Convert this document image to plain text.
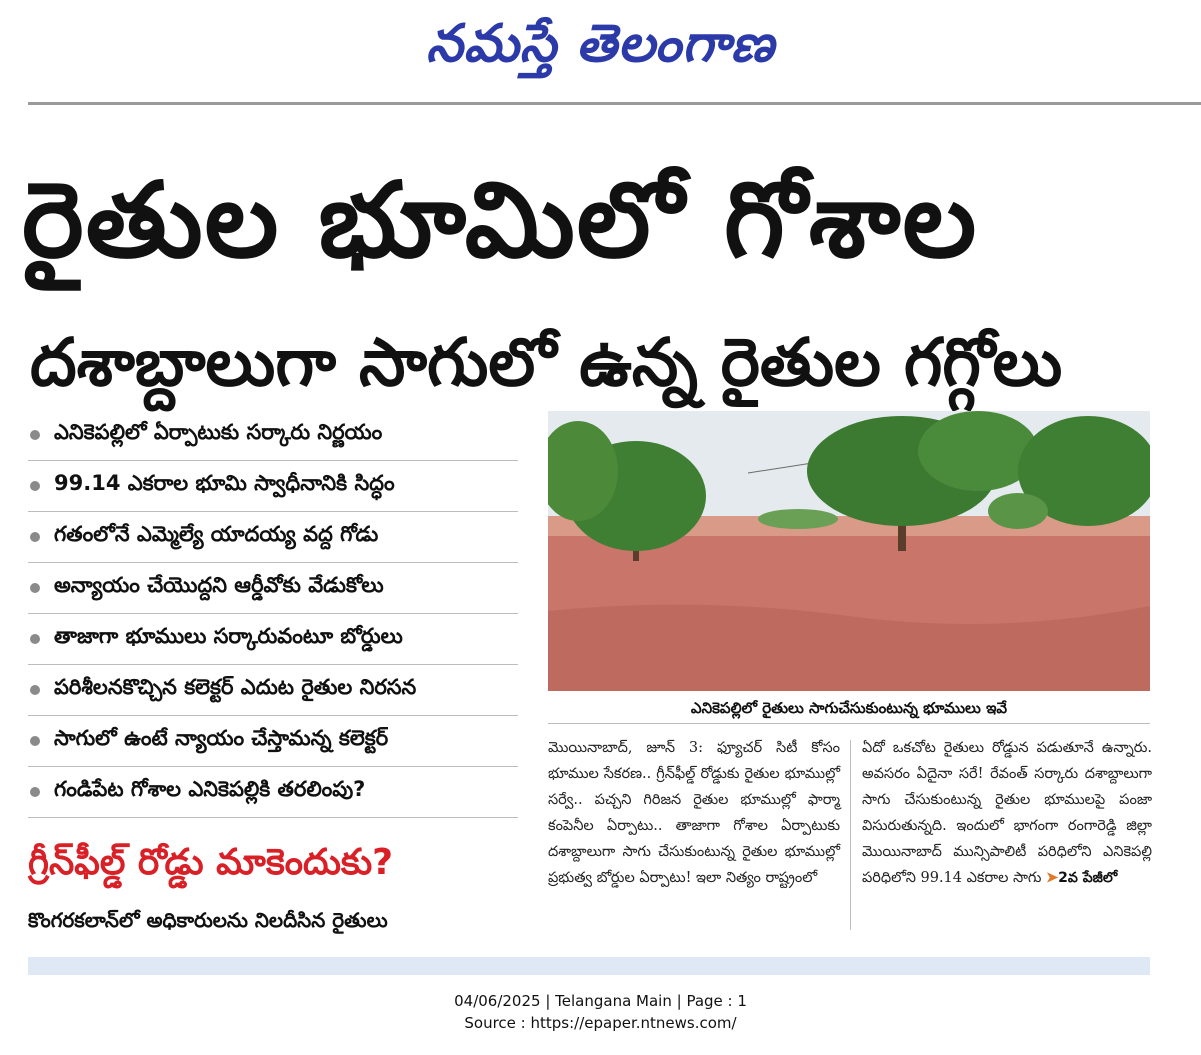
నమస్తే తెలంగాణ
రైతుల భూమిలో గోశాల
దశాబ్దాలుగా సాగులో ఉన్న రైతుల గగ్గోలు
ఎనికెపల్లిలో ఏర్పాటుకు సర్కారు నిర్ణయం
99.14 ఎకరాల భూమి స్వాధీనానికి సిద్ధం
గతంలోనే ఎమ్మెల్యే యాదయ్య వద్ద గోడు
అన్యాయం చేయొద్దని ఆర్డీవోకు వేడుకోలు
తాజాగా భూములు సర్కారువంటూ బోర్డులు
పరిశీలనకొచ్చిన కలెక్టర్‌ ఎదుట రైతుల నిరసన
సాగులో ఉంటే న్యాయం చేస్తామన్న కలెక్టర్‌
గండిపేట గోశాల ఎనికెపల్లికి తరలింపు?
గ్రీన్‌ఫీల్డ్‌ రోడ్డు మాకెందుకు?
కొంగరకలాన్‌లో అధికారులను నిలదీసిన రైతులు
ఎనికెపల్లిలో రైతులు సాగుచేసుకుంటున్న భూములు ఇవే
మొయినాబాద్‌, జూన్‌ 3: ఫ్యూచర్‌ సిటీ కోసం భూముల సేకరణ.. గ్రీన్‌ఫీల్డ్‌ రోడ్డుకు రైతుల భూముల్లో సర్వే.. పచ్చని గిరిజన రైతుల భూముల్లో ఫార్మా కంపెనీల ఏర్పాటు.. తాజాగా గోశాల ఏర్పాటుకు దశాబ్దాలుగా సాగు చేసుకుంటున్న రైతుల భూముల్లో ప్రభుత్వ బోర్డుల ఏర్పాటు! ఇలా నిత్యం రాష్ట్రంలో
ఏదో ఒకచోట రైతులు రోడ్డున పడుతూనే ఉన్నారు. అవసరం ఏదైనా సరే! రేవంత్‌ సర్కారు దశాబ్దాలుగా సాగు చేసుకుంటున్న రైతుల భూములపై పంజా విసురుతున్నది. ఇందులో భాగంగా రంగారెడ్డి జిల్లా మొయినాబాద్‌ మున్సిపాలిటీ పరిధిలోని ఎనికెపల్లి పరిధిలోని 99.14 ఎకరాల సాగు ➤2వ పేజీలో
04/06/2025 | Telangana Main | Page : 1
Source : https://epaper.ntnews.com/
